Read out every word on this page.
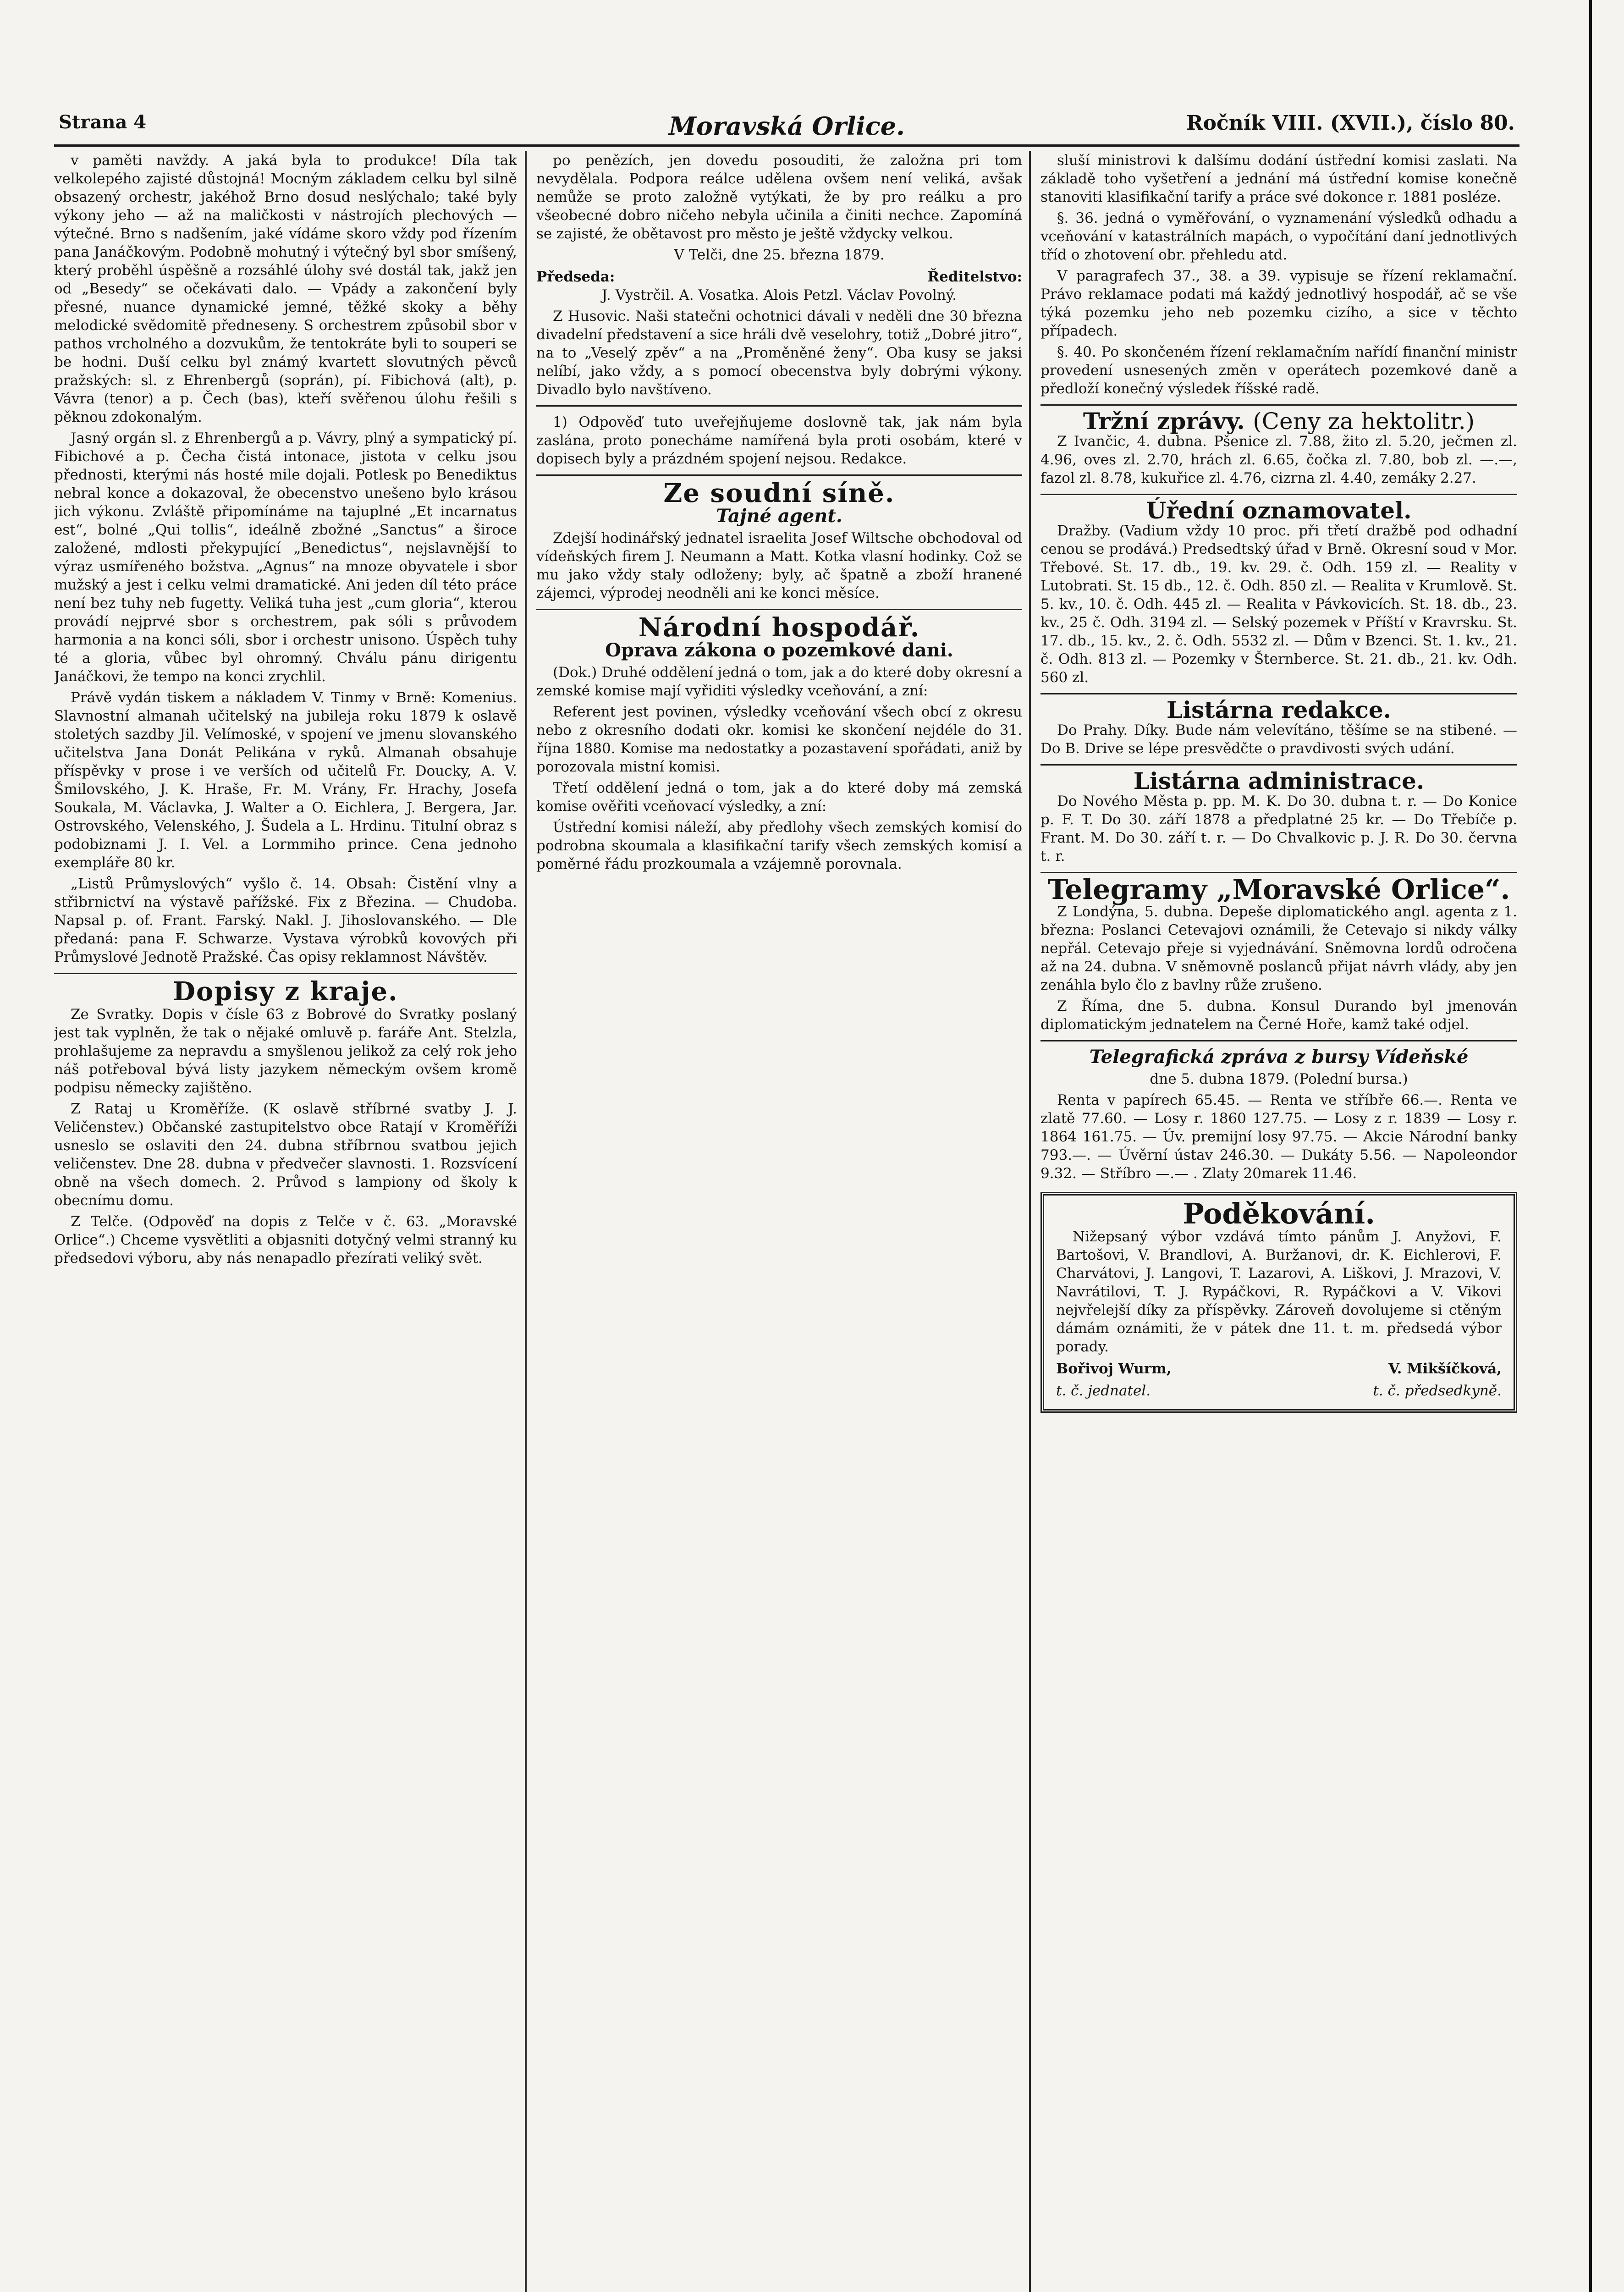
Strana 4	Moravská Orlice.	Ročník VIII. (XVII.), číslo 80.

v paměti navždy. A jaká byla to produkce! Díla tak velkolepého zajisté důstojná! Mocným základem celku byl silně obsazený orchestr, jakéhož Brno dosud neslýchalo; také byly výkony jeho — až na maličkosti v nástrojích plechových — výtečné. Brno s nadšením, jaké vídáme skoro vždy pod řízením pana Janáčkovým. Podobně mohutný i výtečný byl sbor smíšený, který proběhl úspěšně a rozsáhlé úlohy své dostál tak, jakž jen od „Besedy“ se očekávati dalo. — Vpády a zakončení byly přesné, nuance dynamické jemné, těžké skoky a běhy melodické svědomitě předneseny. S orchestrem způsobil sbor v pathos vrcholného a dozvukům, že tentokráte byli to souperi se be hodni. Duší celku byl známý kvartett slovutných pěvců pražských: sl. z Ehrenbergů (soprán), pí. Fibichová (alt), p. Vávra (tenor) a p. Čech (bas), kteří svěřenou úlohu řešili s pěknou zdokonalým.

Jasný orgán sl. z Ehrenbergů a p. Vávry, plný a sympatický pí. Fibichové a p. Čecha čistá intonace, jistota v celku jsou přednosti, kterými nás hosté mile dojali. Potlesk po Benediktus nebral konce a dokazoval, že obecenstvo unešeno bylo krásou jich výkonu. Zvláště připomínáme na tajuplné „Et incarnatus est“, bolné „Qui tollis“, ideálně zbožné „Sanctus“ a široce založené, mdlosti překypující „Benedictus“, nejslavnější to výraz usmířeného božstva. „Agnus“ na mnoze obyvatele i sbor mužský a jest i celku velmi dramatické. Ani jeden díl této práce není bez tuhy neb fugetty. Veliká tuha jest „cum gloria“, kterou provádí nejprvé sbor s orchestrem, pak sóli s průvodem harmonia a na konci sóli, sbor i orchestr unisono. Úspěch tuhy té a gloria, vůbec byl ohromný. Chválu pánu dirigentu Janáčkovi, že tempo na konci zrychlil.

Právě vydán tiskem a nákladem V. Tinmy v Brně: Komenius. Slavnostní almanah učitelský na jubileja roku 1879 k oslavě stoletých sazdby Jil. Velímoské, v spojení ve jmenu slovanského učitelstva Jana Donát Pelikána v ryků. Almanah obsahuje příspěvky v prose i ve verších od učitelů Fr. Doucky, A. V. Šmilovského, J. K. Hraše, Fr. M. Vrány, Fr. Hrachy, Josefa Soukala, M. Václavka, J. Walter a O. Eichlera, J. Bergera, Jar. Ostrovského, Velenského, J. Šudela a L. Hrdinu. Titulní obraz s podobiznami J. I. Vel. a Lormmiho prince. Cena jednoho exempláře 80 kr.

„Listů Průmyslových“ vyšlo č. 14. Obsah: Čistění vlny a střibrnictví na výstavě pařížské. Fix z Březina. — Chudoba. Napsal p. of. Frant. Farský. Nakl. J. Jihoslovanského. — Dle předaná: pana F. Schwarze. Vystava výrobků kovových při Průmyslové Jednotě Pražské. Čas opisy reklamnost Návštěv.

Dopisy z kraje.

Ze Svratky. Dopis v čísle 63 z Bobrové do Svratky poslaný jest tak vyplněn, že tak o nějaké omluvě p. faráře Ant. Stelzla, prohlašujeme za nepravdu a smyšlenou jelikož za celý rok jeho náš potřeboval bývá listy jazykem německým ovšem kromě podpisu německy zajištěno.

Z Rataj u Kroměříže. (K oslavě stříbrné svatby J. J. Veličenstev.) Občanské zastupitelstvo obce Ratají v Kroměříži usneslo se oslaviti den 24. dubna stříbrnou svatbou jejich veličenstev. Dne 28. dubna v předvečer slavnosti. 1. Rozsvícení obně na všech domech. 2. Průvod s lampiony od školy k obecnímu domu.

Z Telče. (Odpověď na dopis z Telče v č. 63. „Moravské Orlice“.) Chceme vysvětliti a objasniti dotyčný velmi stranný ku předsedovi výboru, aby nás nenapadlo přezírati veliký svět.

po penězích, jen dovedu posouditi, že založna pri tom nevydělala. Podpora reálce udělena ovšem není veliká, avšak nemůže se proto založně vytýkati, že by pro reálku a pro všeobecné dobro ničeho nebyla učinila a činiti nechce. Zapomíná se zajisté, že obětavost pro město je ještě vždycky velkou.

V Telči, dne 25. března 1879.

Předseda:	Ředitelstvo:

J. Vystrčil. A. Vosatka. Alois Petzl. Václav Povolný.

Z Husovic. Naši statečni ochotnici dávali v neděli dne 30 března divadelní představení a sice hráli dvě veselohry, totiž „Dobré jitro“, na to „Veselý zpěv“ a na „Proměněné ženy“. Oba kusy se jaksi nelíbí, jako vždy, a s pomocí obecenstva byly dobrými výkony. Divadlo bylo navštíveno.

1) Odpověď tuto uveřejňujeme doslovně tak, jak nám byla zaslána, proto ponecháme namířená byla proti osobám, které v dopisech byly a prázdném spojení nejsou. Redakce.

Ze soudní síně.
Tajné agent.

Zdejší hodinářský jednatel israelita Josef Wiltsche obchodoval od vídeňských firem J. Neumann a Matt. Kotka vlasní hodinky. Což se mu jako vždy staly odloženy; byly, ač špatně a zboží hranené zájemci, výprodej neodněli ani ke konci měsíce.

Národní hospodář.
Oprava zákona o pozemkové dani.

(Dok.) Druhé oddělení jedná o tom, jak a do které doby okresní a zemské komise mají vyřiditi výsledky vceňování, a zní:

Referent jest povinen, výsledky vceňování všech obcí z okresu nebo z okresního dodati okr. komisi ke skončení nejdéle do 31. října 1880. Komise ma nedostatky a pozastavení spořádati, aniž by porozovala mistní komisi.

Třetí oddělení jedná o tom, jak a do které doby má zemská komise ověřiti vceňovací výsledky, a zní:

Ústřední komisi náleží, aby předlohy všech zemských komisí do podrobna skoumala a klasifikační tarify všech zemských komisí a poměrné řádu prozkoumala a vzájemně porovnala.

sluší ministrovi k dalšímu dodání ústřední komisi zaslati. Na základě toho vyšetření a jednání má ústřední komise konečně stanoviti klasifikační tarify a práce své dokonce r. 1881 posléze.

§. 36. jedná o vyměřování, o vyznamenání výsledků odhadu a vceňování v katastrálních mapách, o vypočítání daní jednotlivých tříd o zhotovení obr. přehledu atd.

V paragrafech 37., 38. a 39. vypisuje se řízení reklamační. Právo reklamace podati má každý jednotlivý hospodář, ač se vše týká pozemku jeho neb pozemku cizího, a sice v těchto případech.

§. 40. Po skončeném řízení reklamačním nařídí finanční ministr provedení usnesených změn v operátech pozemkové daně a předloží konečný výsledek říšské radě.

Tržní zprávy. (Ceny za hektolitr.)

Z Ivančic, 4. dubna. Pšenice zl. 7.88, žito zl. 5.20, ječmen zl. 4.96, oves zl. 2.70, hrách zl. 6.65, čočka zl. 7.80, bob zl. —.—, fazol zl. 8.78, kukuřice zl. 4.76, cizrna zl. 4.40, zemáky 2.27.

Úřední oznamovatel.

Dražby. (Vadium vždy 10 proc. při třetí dražbě pod odhadní cenou se prodává.) Predsedtský úřad v Brně. Okresní soud v Mor. Třebové. St. 17. db., 19. kv. 29. č. Odh. 159 zl. — Reality v Lutobrati. St. 15 db., 12. č. Odh. 850 zl. — Realita v Krumlově. St. 5. kv., 10. č. Odh. 445 zl. — Realita v Pávkovicích. St. 18. db., 23. kv., 25 č. Odh. 3194 zl. — Selský pozemek v Příští v Kravrsku. St. 17. db., 15. kv., 2. č. Odh. 5532 zl. — Dům v Bzenci. St. 1. kv., 21. č. Odh. 813 zl. — Pozemky v Šternberce. St. 21. db., 21. kv. Odh. 560 zl.

Listárna redakce.

Do Prahy. Díky. Bude nám velevítáno, těšíme se na stibené. — Do B. Drive se lépe presvědčte o pravdivosti svých udání.

Listárna administrace.

Do Nového Města p. pp. M. K. Do 30. dubna t. r. — Do Konice p. F. T. Do 30. září 1878 a předplatné 25 kr. — Do Třebíče p. Frant. M. Do 30. září t. r. — Do Chvalkovic p. J. R. Do 30. června t. r.

Telegramy „Moravské Orlice“.

Z Londýna, 5. dubna. Depeše diplomatického angl. agenta z 1. března: Poslanci Cetevajovi oznámili, že Cetevajo si nikdy války nepřál. Cetevajo přeje si vyjednávání. Sněmovna lordů odročena až na 24. dubna. V sněmovně poslanců přijat návrh vlády, aby jen zenáhla bylo člo z bavlny růže zrušeno.

Z Říma, dne 5. dubna. Konsul Durando byl jmenován diplomatickým jednatelem na Černé Hoře, kamž také odjel.

Telegrafická zpráva z bursy Vídeňské

dne 5. dubna 1879. (Polední bursa.)

Renta v papírech 65.45. — Renta ve stříbře 66.—. Renta ve zlatě 77.60. — Losy r. 1860 127.75. — Losy z r. 1839 — Losy r. 1864 161.75. — Úv. premijní losy 97.75. — Akcie Národní banky 793.—. — Úvěrní ústav 246.30. — Dukáty 5.56. — Napoleondor 9.32. — Stříbro —.— . Zlaty 20marek 11.46.

Poděkování.

Nižepsaný výbor vzdává tímto pánům J. Anyžovi, F. Bartošovi, V. Brandlovi, A. Buržanovi, dr. K. Eichlerovi, F. Charvátovi, J. Langovi, T. Lazarovi, A. Liškovi, J. Mrazovi, V. Navrátilovi, T. J. Rypáčkovi, R. Rypáčkovi a V. Vikovi nejvřelejší díky za příspěvky. Zároveň dovolujeme si ctěným dámám oznámiti, že v pátek dne 11. t. m. předsedá výbor porady.

Bořivoj Wurm,	V. Mikšíčková,
t. č. jednatel.	t. č. předsedkyně.
